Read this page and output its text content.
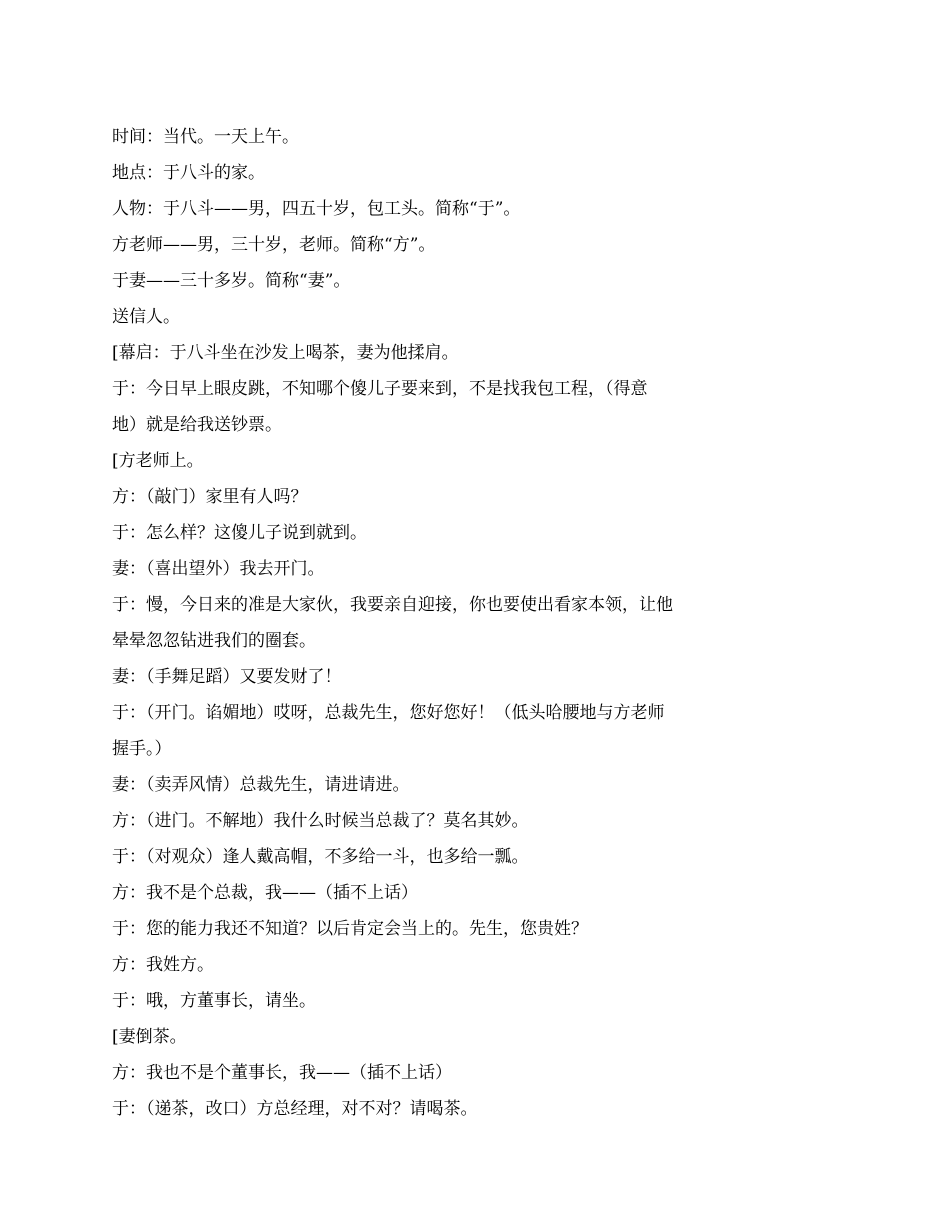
时间：当代。一天上午。
地点：于八斗的家。
人物：于八斗——男，四五十岁，包工头。简称“于”。
方老师——男，三十岁，老师。简称“方”。
于妻——三十多岁。简称“妻”。
送信人。
[幕启：于八斗坐在沙发上喝茶，妻为他揉肩。
于：今日早上眼皮跳，不知哪个傻儿子要来到，不是找我包工程，（得意
地）就是给我送钞票。
[方老师上。
方：（敲门）家里有人吗？
于：怎么样？这傻儿子说到就到。
妻：（喜出望外）我去开门。
于：慢，今日来的准是大家伙，我要亲自迎接，你也要使出看家本领，让他
晕晕忽忽钻进我们的圈套。
妻：（手舞足蹈）又要发财了！
于：（开门。谄媚地）哎呀，总裁先生，您好您好！（低头哈腰地与方老师
握手。）
妻：（卖弄风情）总裁先生，请进请进。
方：（进门。不解地）我什么时候当总裁了？莫名其妙。
于：（对观众）逢人戴高帽，不多给一斗，也多给一瓢。
方：我不是个总裁，我——（插不上话）
于：您的能力我还不知道？以后肯定会当上的。先生，您贵姓？
方：我姓方。
于：哦，方董事长，请坐。
[妻倒茶。
方：我也不是个董事长，我——（插不上话）
于：（递茶，改口）方总经理，对不对？请喝茶。
